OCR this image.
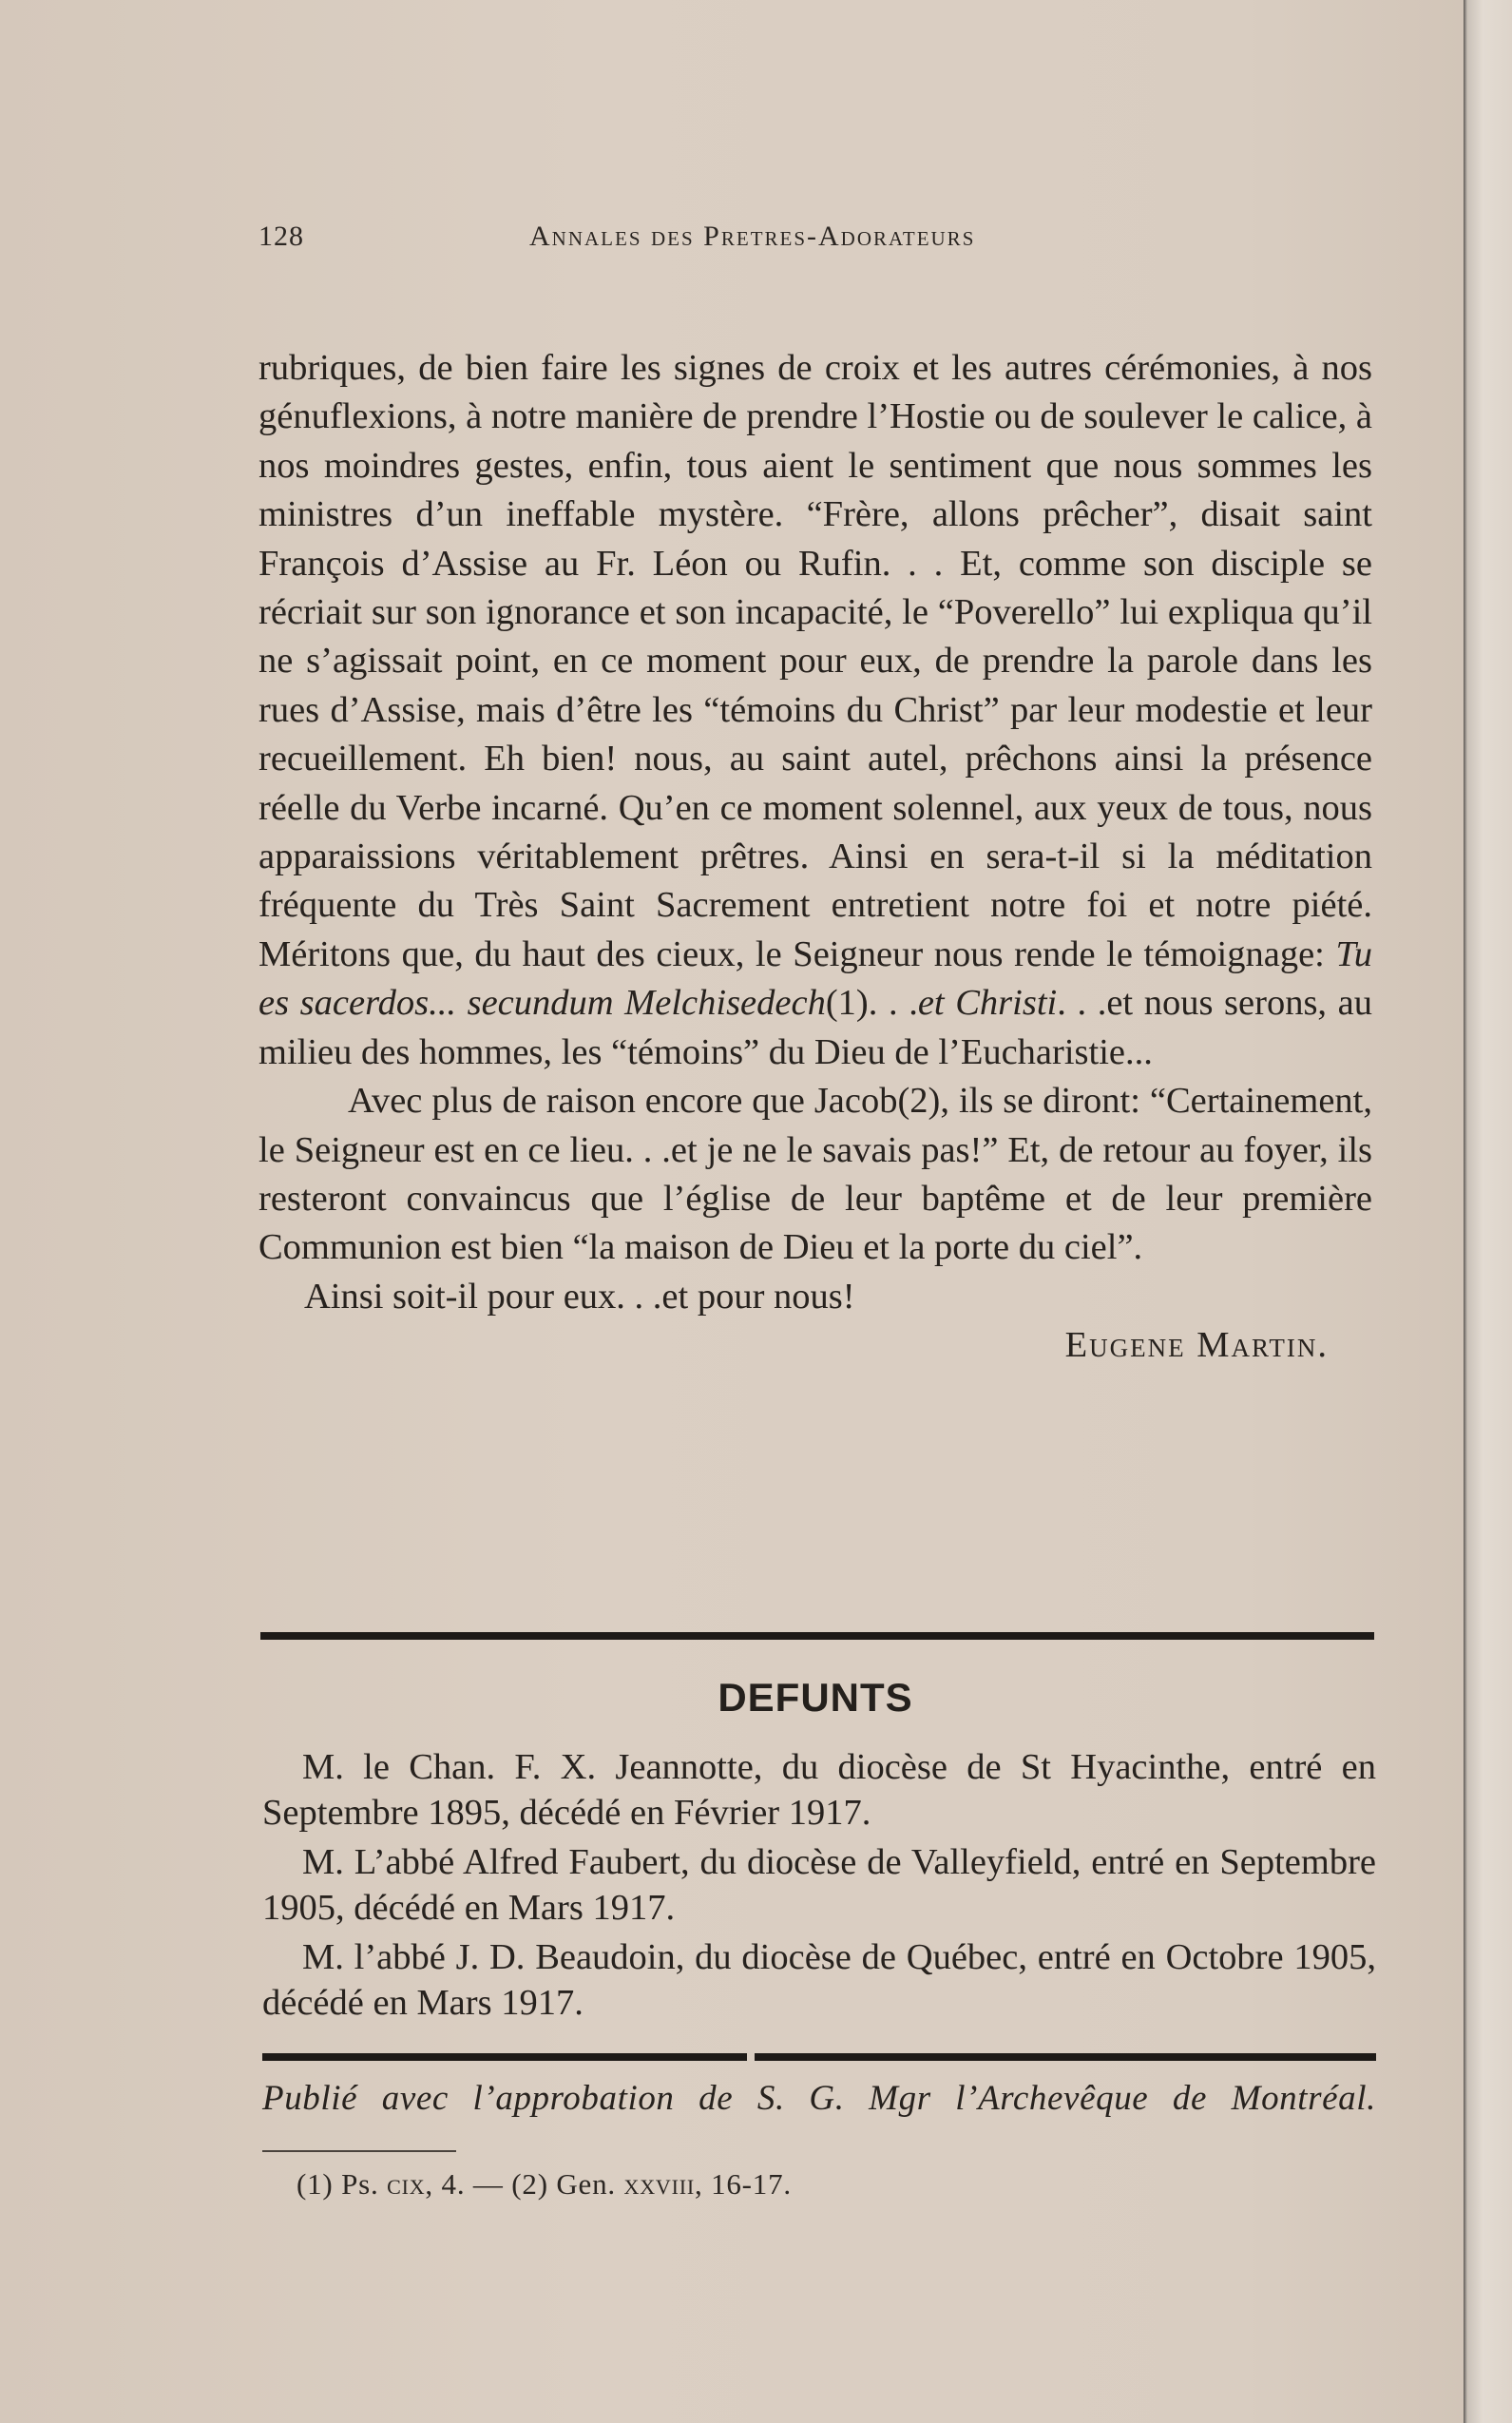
128	Annales des Pretres-Adorateurs

rubriques, de bien faire les signes de croix et les autres cérémonies, à nos génuflexions, à notre manière de prendre l’Hostie ou de soulever le calice, à nos moindres gestes, enfin, tous aient le sentiment que nous sommes les ministres d’un ineffable mystère. “Frère, allons prêcher”, disait saint François d’Assise au Fr. Léon ou Rufin. . . Et, comme son disciple se récriait sur son ignorance et son incapacité, le “Poverello” lui expliqua qu’il ne s’agissait point, en ce moment pour eux, de prendre la parole dans les rues d’Assise, mais d’être les “témoins du Christ” par leur modestie et leur recueillement. Eh bien! nous, au saint autel, prêchons ainsi la présence réelle du Verbe incarné. Qu’en ce moment solennel, aux yeux de tous, nous apparaissions véritablement prêtres. Ainsi en sera-t-il si la méditation fréquente du Très Saint Sacrement entretient notre foi et notre piété. Méritons que, du haut des cieux, le Seigneur nous rende le témoignage: Tu es sacerdos... secundum Melchisedech(1). . .et Christi. . .et nous serons, au milieu des hommes, les “témoins” du Dieu de l’Eucharistie...

Avec plus de raison encore que Jacob(2), ils se diront: “Certainement, le Seigneur est en ce lieu. . .et je ne le savais pas!” Et, de retour au foyer, ils resteront convaincus que l’église de leur baptême et de leur première Communion est bien “la maison de Dieu et la porte du ciel”.

Ainsi soit-il pour eux. . .et pour nous!

Eugene Martin.

DEFUNTS

M. le Chan. F. X. Jeannotte, du diocèse de St Hyacinthe, entré en Septembre 1895, décédé en Février 1917.

M. L’abbé Alfred Faubert, du diocèse de Valleyfield, entré en Septembre 1905, décédé en Mars 1917.

M. l’abbé J. D. Beaudoin, du diocèse de Québec, entré en Octobre 1905, décédé en Mars 1917.

Publié avec l’approbation de S. G. Mgr l’Archevêque de Montréal.
(1) Ps. cix, 4. — (2) Gen. xxviii, 16-17.
